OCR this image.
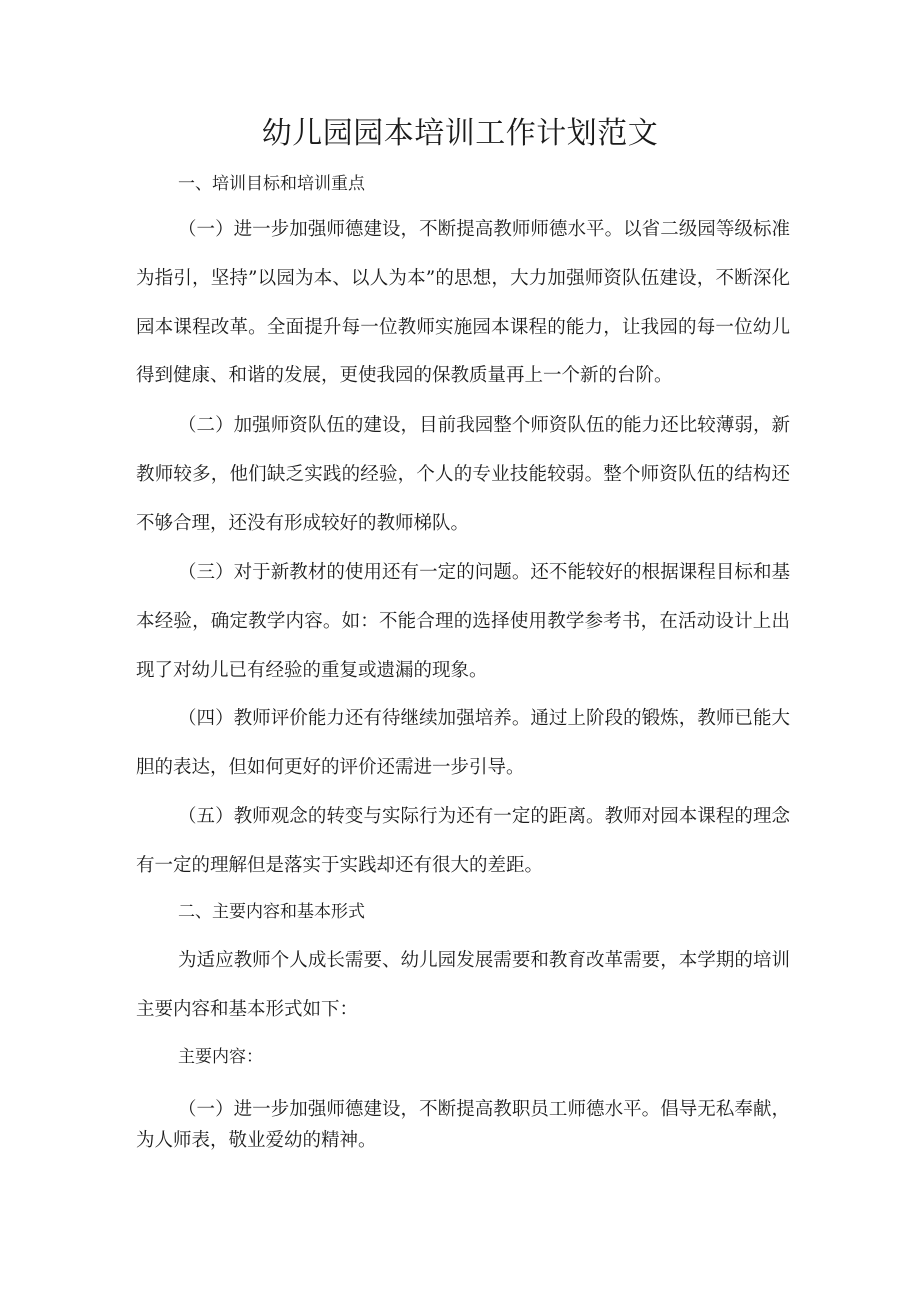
幼儿园园本培训工作计划范文

一、培训目标和培训重点

（一）进一步加强师德建设，不断提高教师师德水平。以省二级园等级标准为指引，坚持”以园为本、以人为本”的思想，大力加强师资队伍建设，不断深化园本课程改革。全面提升每一位教师实施园本课程的能力，让我园的每一位幼儿得到健康、和谐的发展，更使我园的保教质量再上一个新的台阶。

（二）加强师资队伍的建设，目前我园整个师资队伍的能力还比较薄弱，新教师较多，他们缺乏实践的经验，个人的专业技能较弱。整个师资队伍的结构还不够合理，还没有形成较好的教师梯队。

（三）对于新教材的使用还有一定的问题。还不能较好的根据课程目标和基本经验，确定教学内容。如：不能合理的选择使用教学参考书，在活动设计上出现了对幼儿已有经验的重复或遗漏的现象。

（四）教师评价能力还有待继续加强培养。通过上阶段的锻炼，教师已能大胆的表达，但如何更好的评价还需进一步引导。

（五）教师观念的转变与实际行为还有一定的距离。教师对园本课程的理念有一定的理解但是落实于实践却还有很大的差距。

二、主要内容和基本形式

为适应教师个人成长需要、幼儿园发展需要和教育改革需要，本学期的培训主要内容和基本形式如下：

主要内容：

（一）进一步加强师德建设，不断提高教职员工师德水平。倡导无私奉献，为人师表，敬业爱幼的精神。
